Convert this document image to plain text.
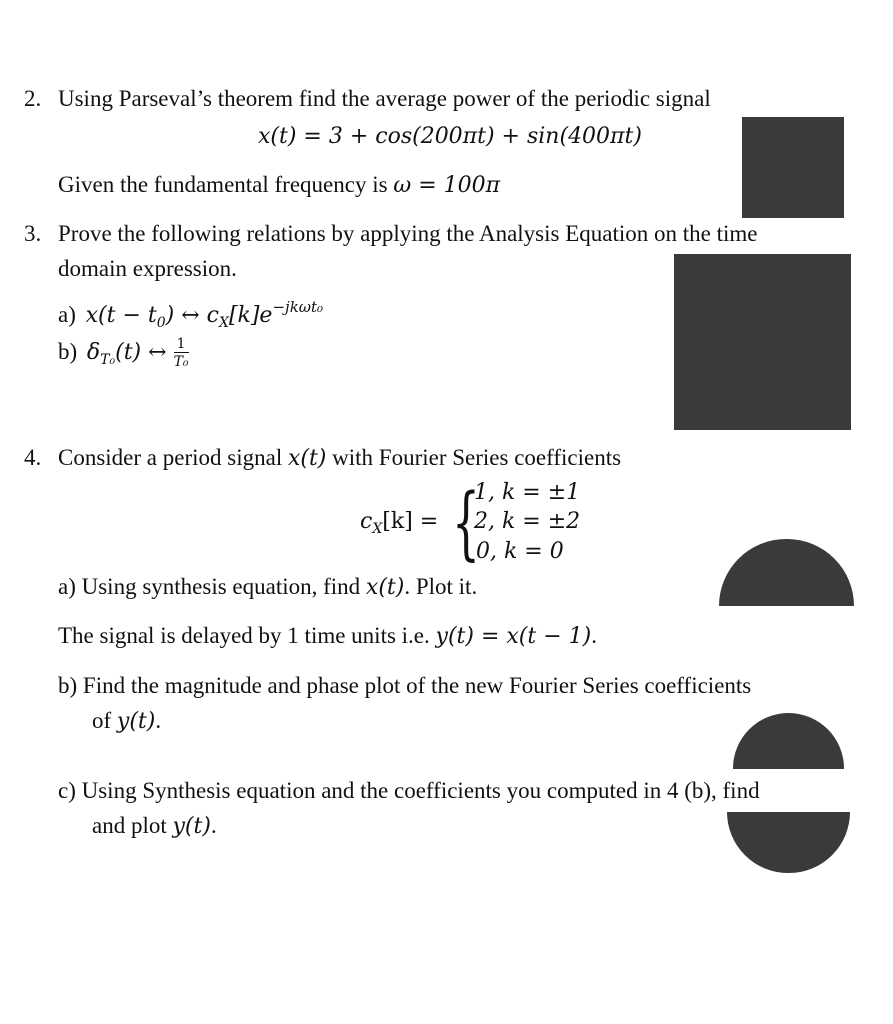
2. Using Parseval’s theorem find the average power of the periodic signal
x(t) = 3 + cos(200πt) + sin(400πt)
Given the fundamental frequency is ω = 100π
3. Prove the following relations by applying the Analysis Equation on the time
domain expression.
a) $x(t - t_0)$ ↔ $c_X[k]e^{-jk\omega t_0}$
b) $\delta_{T_0}(t)$ ↔ $\frac{1}{\text{T₀}}$
4. Consider a period signal x(t) with Fourier Series coefficients
$c_X[k]$ = {
1, k = ±1
2, k = ±2
0, k = 0
a) Using synthesis equation, find x(t). Plot it.
The signal is delayed by 1 time units i.e. y(t) = x(t − 1).
b) Find the magnitude and phase plot of the new Fourier Series coefficients
of y(t).
c) Using Synthesis equation and the coefficients you computed in 4 (b), find
and plot y(t).
